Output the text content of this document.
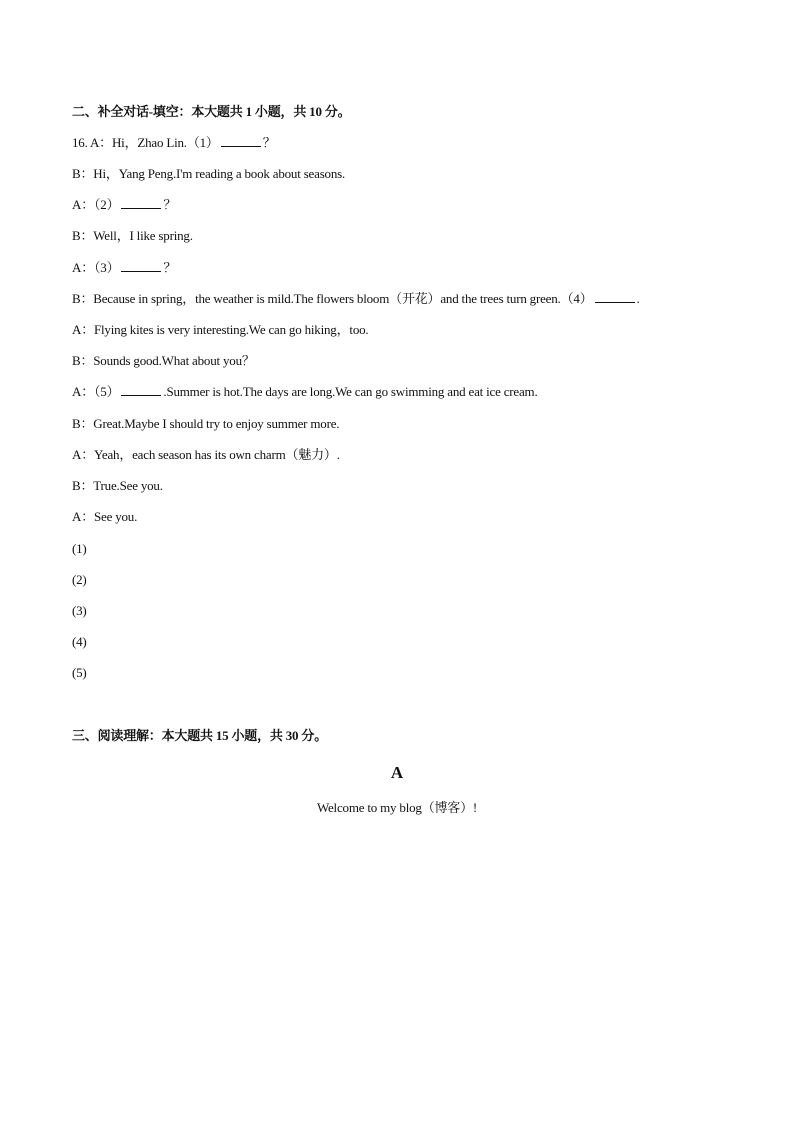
二、补全对话-填空：本大题共 1 小题，共 10 分。
16. A：Hi，Zhao Lin.（1）	？
B：Hi，Yang Peng.I'm reading a book about seasons.
A：（2）	？
B：Well，I like spring.
A：（3）	？
B：Because in spring，the weather is mild.The flowers bloom（开花）and the trees turn green.（4）	.
A：Flying kites is very interesting.We can go hiking，too.
B：Sounds good.What about you？
A：（5）	.Summer is hot.The days are long.We can go swimming and eat ice cream.
B：Great.Maybe I should try to enjoy summer more.
A：Yeah，each season has its own charm（魅力）.
B：True.See you.
A：See you.
(1)
(2)
(3)
(4)
(5)
三、阅读理解：本大题共 15 小题，共 30 分。
A
Welcome to my blog（博客）!
